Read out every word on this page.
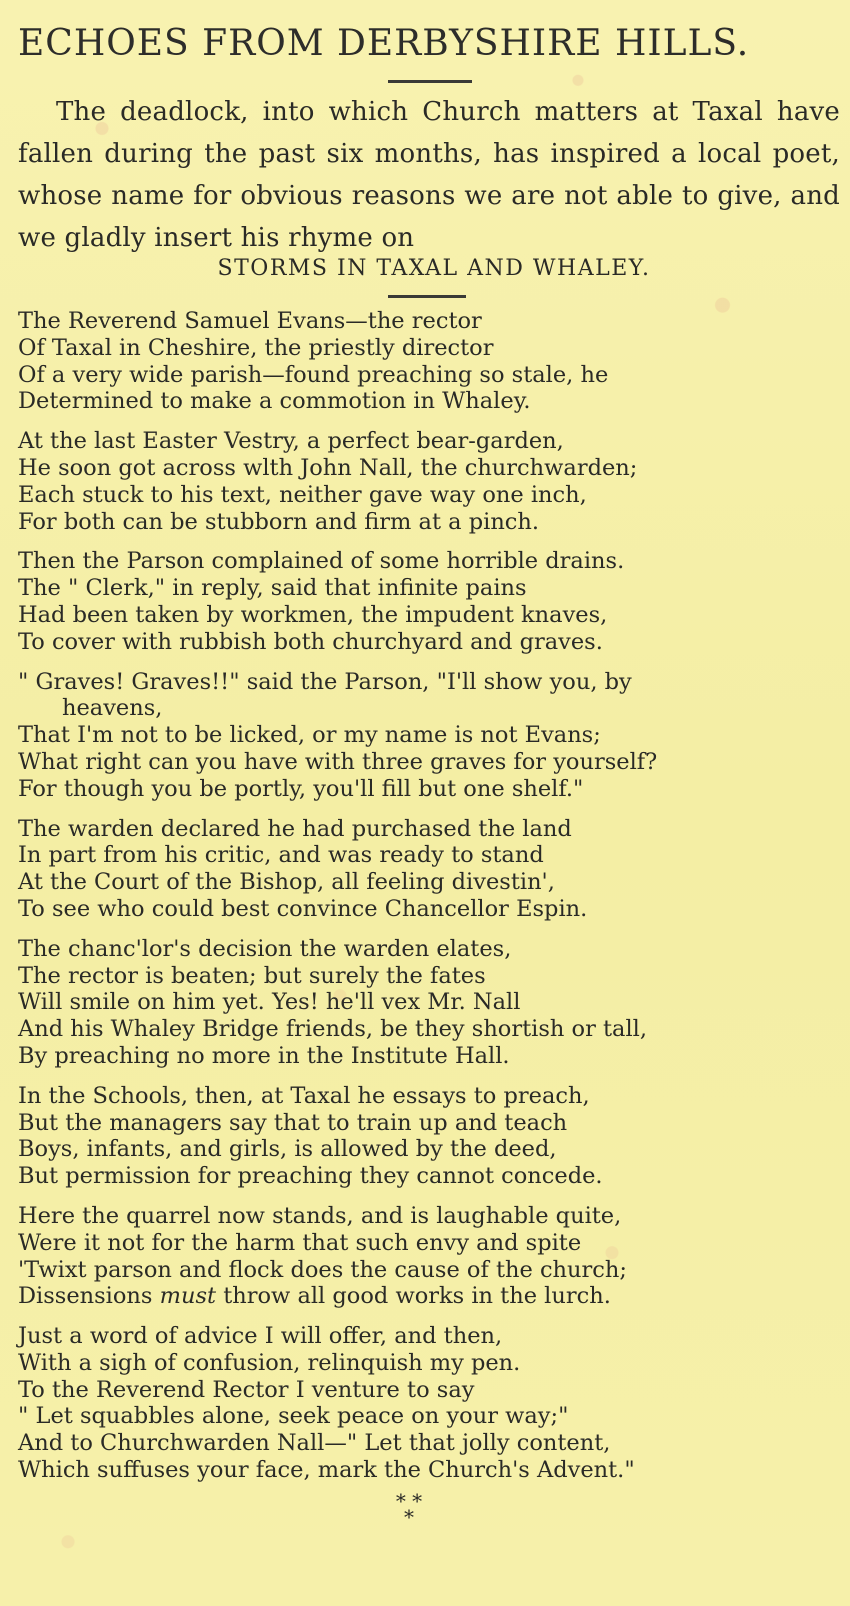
ECHOES FROM DERBYSHIRE HILLS.

The deadlock, into which Church matters at Taxal have fallen during the past six months, has inspired a local poet, whose name for obvious reasons we are not able to give, and we gladly insert his rhyme on

STORMS IN TAXAL AND WHALEY.

The Reverend Samuel Evans—the rector
Of Taxal in Cheshire, the priestly director
Of a very wide parish—found preaching so stale, he
Determined to make a commotion in Whaley.
At the last Easter Vestry, a perfect bear-garden,
He soon got across wlth John Nall, the churchwarden;
Each stuck to his text, neither gave way one inch,
For both can be stubborn and firm at a pinch.
Then the Parson complained of some horrible drains.
The " Clerk," in reply, said that infinite pains
Had been taken by workmen, the impudent knaves,
To cover with rubbish both churchyard and graves.
" Graves! Graves!!" said the Parson, "I'll show you, by
heavens,
That I'm not to be licked, or my name is not Evans;
What right can you have with three graves for yourself?
For though you be portly, you'll fill but one shelf."
The warden declared he had purchased the land
In part from his critic, and was ready to stand
At the Court of the Bishop, all feeling divestin',
To see who could best convince Chancellor Espin.
The chanc'lor's decision the warden elates,
The rector is beaten; but surely the fates
Will smile on him yet. Yes! he'll vex Mr. Nall
And his Whaley Bridge friends, be they shortish or tall,
By preaching no more in the Institute Hall.
In the Schools, then, at Taxal he essays to preach,
But the managers say that to train up and teach
Boys, infants, and girls, is allowed by the deed,
But permission for preaching they cannot concede.
Here the quarrel now stands, and is laughable quite,
Were it not for the harm that such envy and spite
'Twixt parson and flock does the cause of the church;
Dissensions must throw all good works in the lurch.
Just a word of advice I will offer, and then,
With a sigh of confusion, relinquish my pen.
To the Reverend Rector I venture to say
" Let squabbles alone, seek peace on your way;"
And to Churchwarden Nall—" Let that jolly content,
Which suffuses your face, mark the Church's Advent."
* *
*
